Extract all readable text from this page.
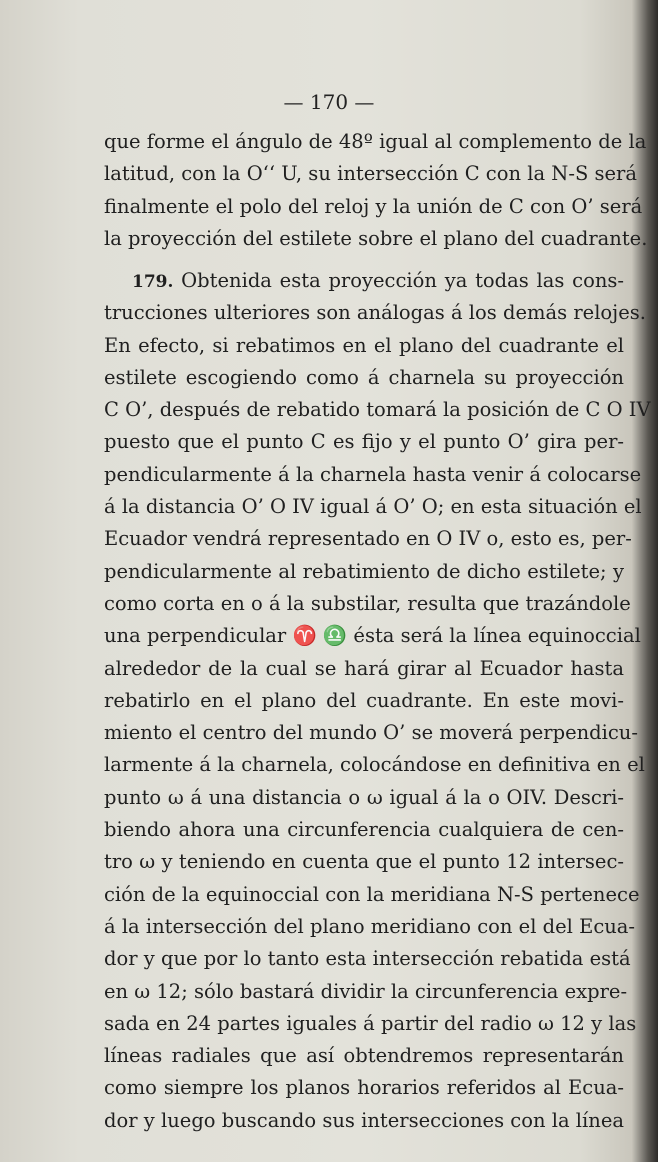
— 170 —
que forme el ángulo de 48º igual al complemento de la
latitud, con la O‘‘ U, su intersección C con la N-S será
finalmente el polo del reloj y la unión de C con O’ será
la proyección del estilete sobre el plano del cuadrante.
179. Obtenida esta proyección ya todas las cons-
trucciones ulteriores son análogas á los demás relojes.
En efecto, si rebatimos en el plano del cuadrante el
estilete escogiendo como á charnela su proyección
C O’, después de rebatido tomará la posición de C O IV
puesto que el punto C es fijo y el punto O’ gira per-
pendicularmente á la charnela hasta venir á colocarse
á la distancia O’ O IV igual á O’ O; en esta situación el
Ecuador vendrá representado en O IV o, esto es, per-
pendicularmente al rebatimiento de dicho estilete; y
como corta en o á la substilar, resulta que trazándole
una perpendicular ♈ ♎ ésta será la línea equinoccial
alrededor de la cual se hará girar al Ecuador hasta
rebatirlo en el plano del cuadrante. En este movi-
miento el centro del mundo O’ se moverá perpendicu-
larmente á la charnela, colocándose en definitiva en el
punto ω á una distancia o ω igual á la o OIV. Descri-
biendo ahora una circunferencia cualquiera de cen-
tro ω y teniendo en cuenta que el punto 12 intersec-
ción de la equinoccial con la meridiana N-S pertenece
á la intersección del plano meridiano con el del Ecua-
dor y que por lo tanto esta intersección rebatida está
en ω 12; sólo bastará dividir la circunferencia expre-
sada en 24 partes iguales á partir del radio ω 12 y las
líneas radiales que así obtendremos representarán
como siempre los planos horarios referidos al Ecua-
dor y luego buscando sus intersecciones con la línea
